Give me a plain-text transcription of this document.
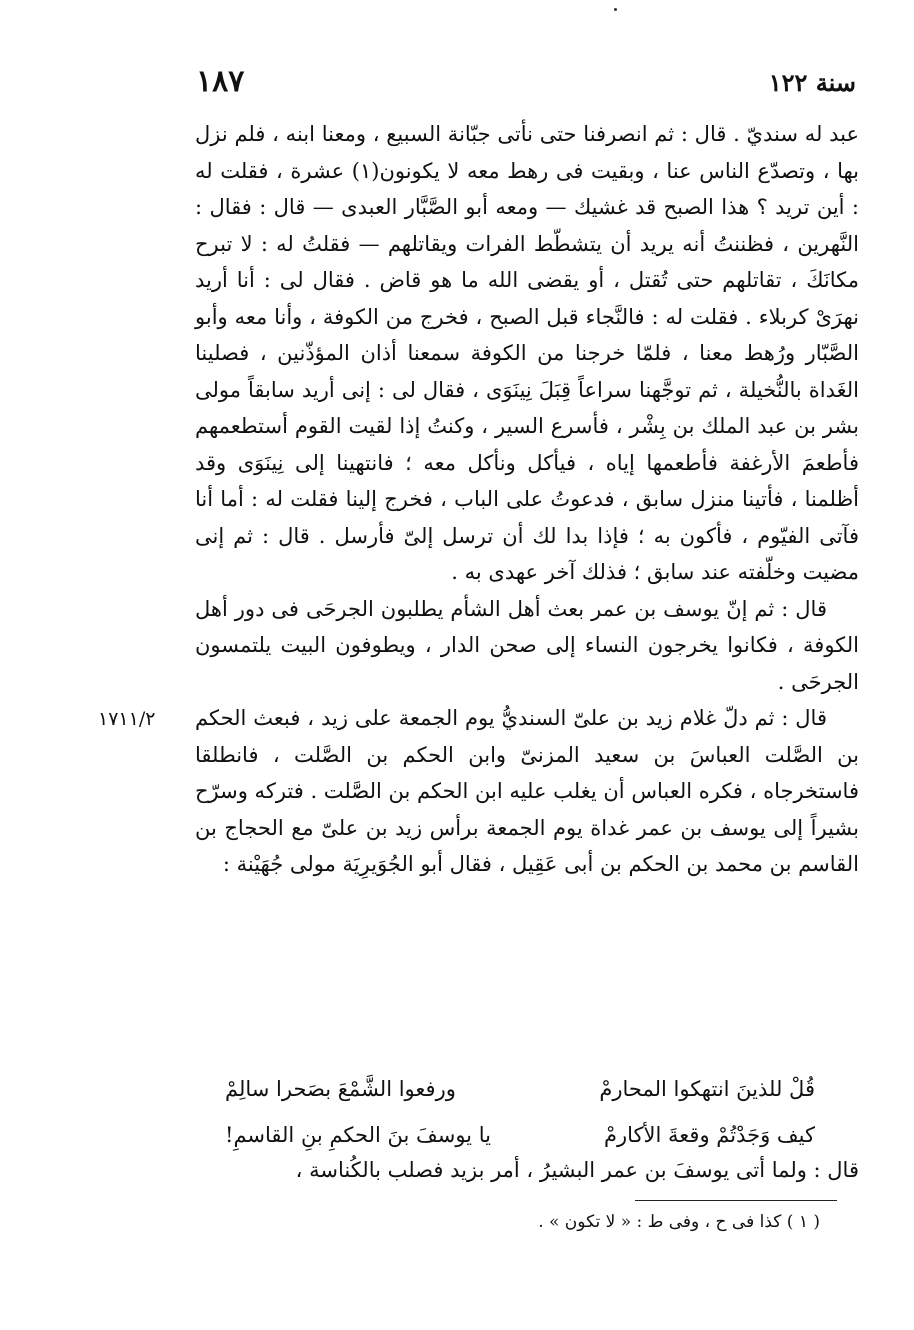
١٨٧	سنة ١٢٢
١٧١١/٢

عبد له سنديّ . قال : ثم انصرفنا حتى نأتى جبّانة السبيع ، ومعنا ابنه ، فلم نزل بها ، وتصدّع الناس عنا ، وبقيت فى رهط معه لا يكونون(١) عشرة ، فقلت له : أين تريد ؟ هذا الصبح قد غشيك — ومعه أبو الصَّبَّار العبدى — قال : فقال : النَّهرين ، فظننتُ أنه يريد أن يتشطّط الفرات ويقاتلهم — فقلتُ له : لا تبرح مكانَكَ ، تقاتلهم حتى تُقتل ، أو يقضى الله ما هو قاض . فقال لى : أنا أريد نهرَىْ كربلاء . فقلت له : فالنَّجاء قبل الصبح ، فخرج من الكوفة ، وأنا معه وأبو الصَّبّار ورُهط معنا ، فلمّا خرجنا من الكوفة سمعنا أذان المؤذّنين ، فصلينا الغَداة بالنُّخيلة ، ثم توجَّهنا سراعاً قِبَلَ نِينَوَى ، فقال لى : إنى أريد سابقاً مولى بشر بن عبد الملك بن بِشْر ، فأسرع السير ، وكنتُ إذا لقيت القوم أستطعمهم فأطعمَ الأرغفة فأطعمها إياه ، فيأكل ونأكل معه ؛ فانتهينا إلى نِينَوَى وقد أظلمنا ، فأتينا منزل سابق ، فدعوتُ على الباب ، فخرج إلينا فقلت له : أما أنا فآتى الفيّوم ، فأكون به ؛ فإذا بدا لك أن ترسل إلىّ فأرسل . قال : ثم إنى مضيت وخلّفته عند سابق ؛ فذلك آخر عهدى به .

قال : ثم إنّ يوسف بن عمر بعث أهل الشأم يطلبون الجرحَى فى دور أهل الكوفة ، فكانوا يخرجون النساء إلى صحن الدار ، ويطوفون البيت يلتمسون الجرحَى .

قال : ثم دلّ غلام زيد بن علىّ السنديُّ يوم الجمعة على زيد ، فبعث الحكم بن الصَّلت العباسَ بن سعيد المزنىّ وابن الحكم بن الصَّلت ، فانطلقا فاستخرجاه ، فكره العباس أن يغلب عليه ابن الحكم بن الصَّلت . فتركه وسرّح بشيراً إلى يوسف بن عمر غداة يوم الجمعة برأس زيد بن علىّ مع الحجاج بن القاسم بن محمد بن الحكم بن أبى عَقِيل ، فقال أبو الجُوَيرِيَة مولى جُهَيْنة :

قُلْ للذينَ انتهكوا المحارمْ
ورفعوا الشَّمْعَ بصَحرا سالِمْ
كيف وَجَدْتُمْ وقعةَ الأكارمْ
يا يوسفَ بنَ الحكمِ بنِ القاسمِ!

قال : ولما أتى يوسفَ بن عمر البشيرُ ، أمر بزيد فصلب بالكُناسة ،

( ١ ) كذا فى ح ، وفى ط : « لا تكون » .
